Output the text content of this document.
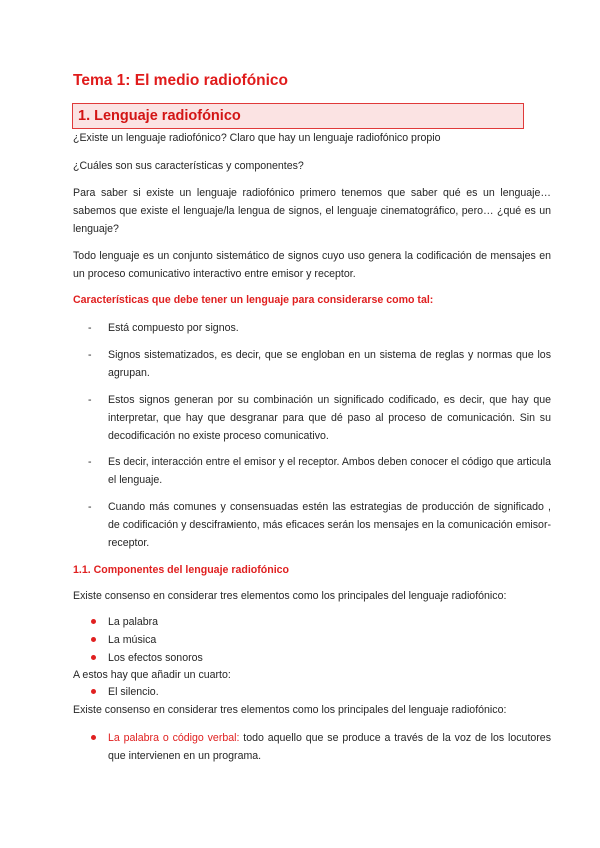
Tema 1: El medio radiofónico
1. Lenguaje radiofónico
¿Existe un lenguaje radiofónico? Claro que hay un lenguaje radiofónico propio
¿Cuáles son sus características y componentes?
Para saber si existe un lenguaje radiofónico primero tenemos que saber qué es un lenguaje… sabemos que existe el lenguaje/la lengua de signos, el lenguaje cinematográfico, pero… ¿qué es un lenguaje?
Todo lenguaje es un conjunto sistemático de signos cuyo uso genera la codificación de mensajes en un proceso comunicativo interactivo entre emisor y receptor.
Características que debe tener un lenguaje para considerarse como tal:
- Está compuesto por signos.
- Signos sistematizados, es decir, que se engloban en un sistema de reglas y normas que los agrupan.
- Estos signos generan por su combinación un significado codificado, es decir, que hay que interpretar, que hay que desgranar para que dé paso al proceso de comunicación. Sin su decodificación no existe proceso comunicativo.
- Es decir, interacción entre el emisor y el receptor. Ambos deben conocer el código que articula el lenguaje.
- Cuando más comunes y consensuadas estén las estrategias de producción de significado , de codificación y descifrамiento, más eficaces serán los mensajes en la comunicación emisor-receptor.
1.1. Componentes del lenguaje radiofónico
Existe consenso en considerar tres elementos como los principales del lenguaje radiofónico:
La palabra
La música
Los efectos sonoros
A estos hay que añadir un cuarto:
El silencio.
Existe consenso en considerar tres elementos como los principales del lenguaje radiofónico:
La palabra o código verbal: todo aquello que se produce a través de la voz de los locutores que intervienen en un programa.
